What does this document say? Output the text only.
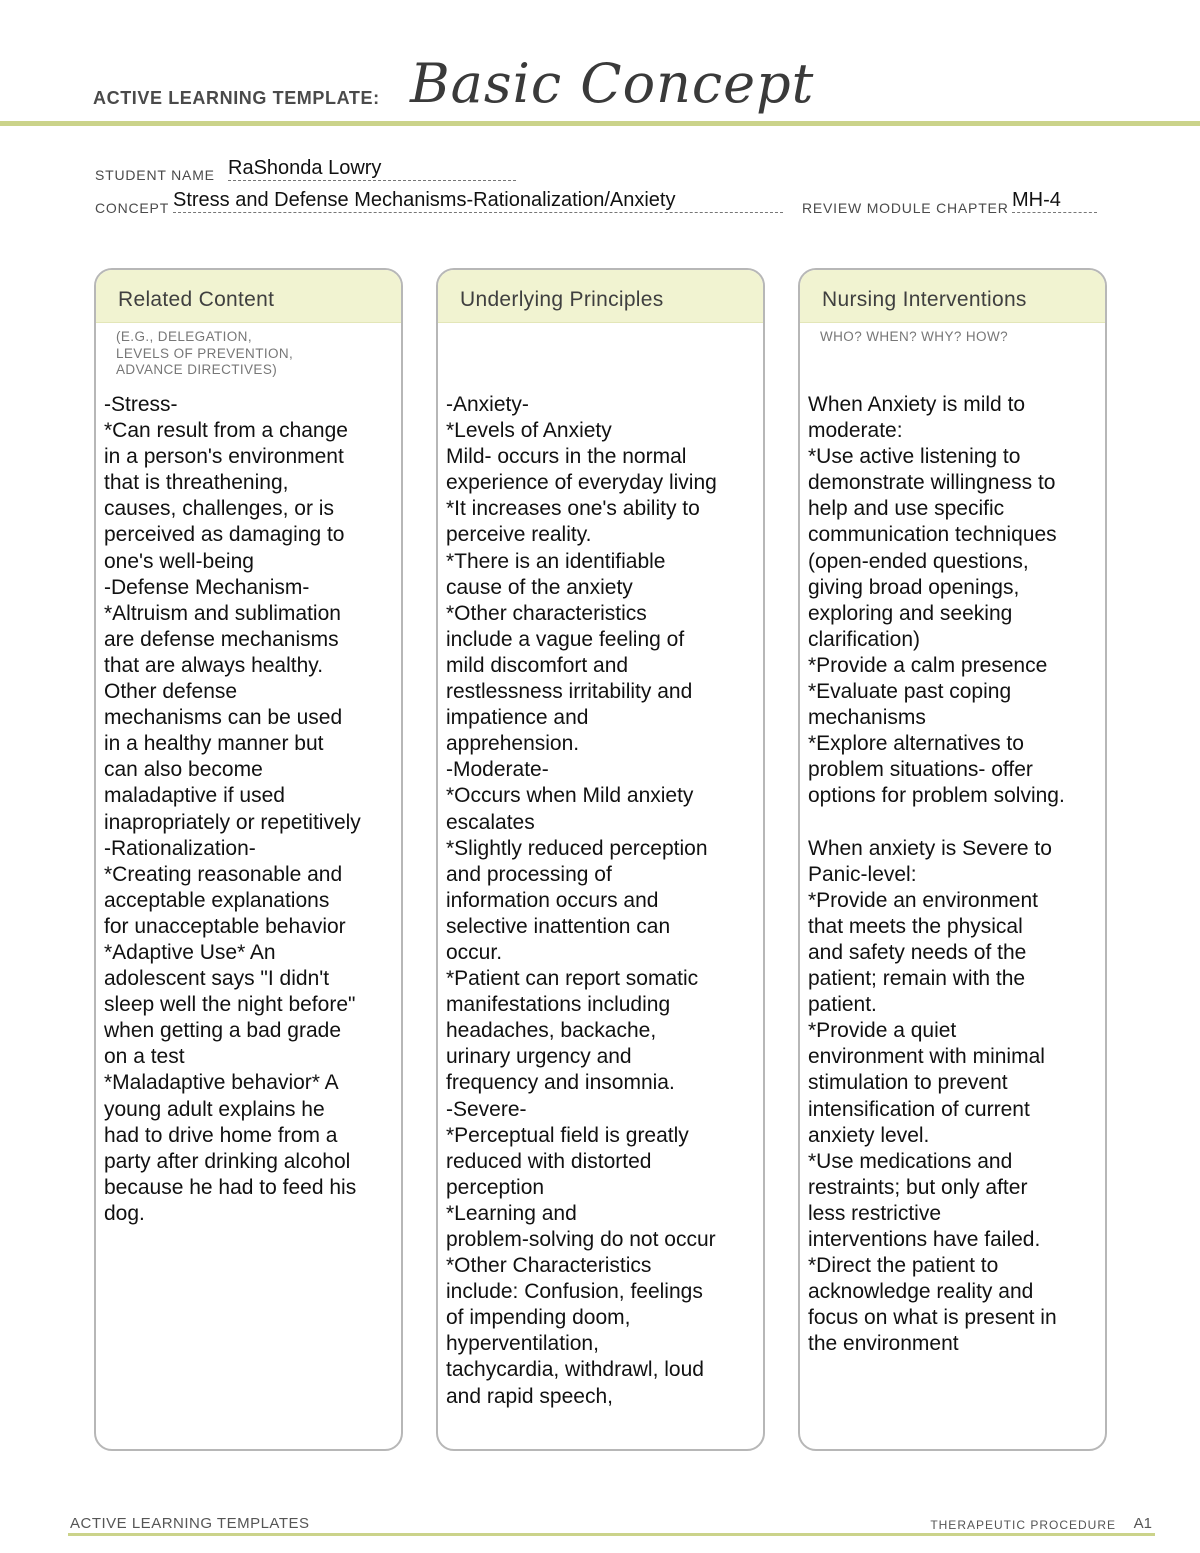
ACTIVE LEARNING TEMPLATE: Basic Concept
STUDENT NAME RaShonda Lowry
CONCEPT Stress and Defense Mechanisms-Rationalization/Anxiety	REVIEW MODULE CHAPTER MH-4
Related Content
(E.G., DELEGATION,
LEVELS OF PREVENTION,
ADVANCE DIRECTIVES)
-Stress-
*Can result from a change
in a person's environment
that is threathening,
causes, challenges, or is
perceived as damaging to
one's well-being
-Defense Mechanism-
*Altruism and sublimation
are defense mechanisms
that are always healthy.
Other defense
mechanisms can be used
in a healthy manner but
can also become
maladaptive if used
inapropriately or repetitively
-Rationalization-
*Creating reasonable and
acceptable explanations
for unacceptable behavior
*Adaptive Use* An
adolescent says "I didn't
sleep well the night before"
when getting a bad grade
on a test
*Maladaptive behavior* A
young adult explains he
had to drive home from a
party after drinking alcohol
because he had to feed his
dog.
Underlying Principles
-Anxiety-
*Levels of Anxiety
Mild- occurs in the normal
experience of everyday living
*It increases one's ability to
perceive reality.
*There is an identifiable
cause of the anxiety
*Other characteristics
include a vague feeling of
mild discomfort and
restlessness irritability and
impatience and
apprehension.
-Moderate-
*Occurs when Mild anxiety
escalates
*Slightly reduced perception
and processing of
information occurs and
selective inattention can
occur.
*Patient can report somatic
manifestations including
headaches, backache,
urinary urgency and
frequency and insomnia.
-Severe-
*Perceptual field is greatly
reduced with distorted
perception
*Learning and
problem-solving do not occur
*Other Characteristics
include: Confusion, feelings
of impending doom,
hyperventilation,
tachycardia, withdrawl, loud
and rapid speech,
Nursing Interventions
WHO? WHEN? WHY? HOW?
When Anxiety is mild to
moderate:
*Use active listening to
demonstrate willingness to
help and use specific
communication techniques
(open-ended questions,
giving broad openings,
exploring and seeking
clarification)
*Provide a calm presence
*Evaluate past coping
mechanisms
*Explore alternatives to
problem situations- offer
options for problem solving.

When anxiety is Severe to
Panic-level:
*Provide an environment
that meets the physical
and safety needs of the
patient; remain with the
patient.
*Provide a quiet
environment with minimal
stimulation to prevent
intensification of current
anxiety level.
*Use medications and
restraints; but only after
less restrictive
interventions have failed.
*Direct the patient to
acknowledge reality and
focus on what is present in
the environment
ACTIVE LEARNING TEMPLATES	THERAPEUTIC PROCEDURE A1
